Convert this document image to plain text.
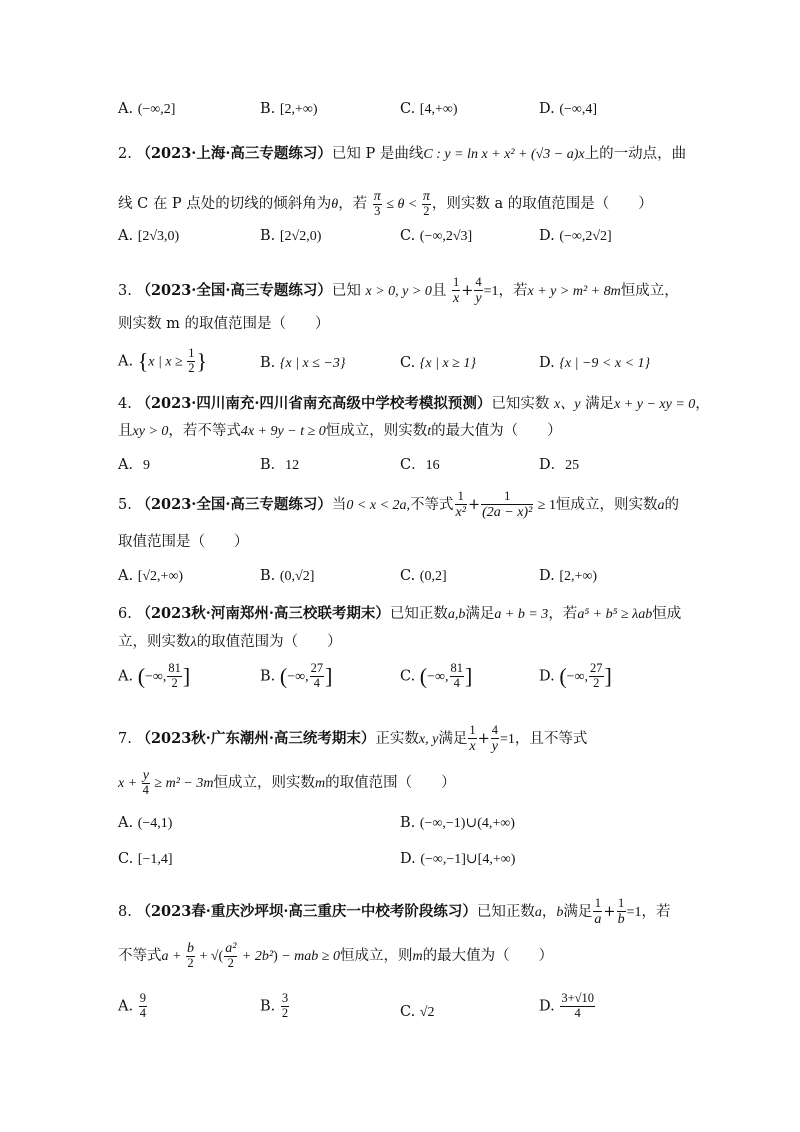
A. (−∞,2]	B. [2,+∞)	C. [4,+∞)	D. (−∞,4]
2. （2023·上海·高三专题练习）已知 P 是曲线C : y = ln x + x² + (√3 − a)x上的一动点，曲
线 C 在 P 点处的切线的倾斜角为θ，若 $\frac{\pi}{3} \le \theta < \frac{\pi}{2}$ ，则实数 a 的取值范围是（　　）
A. [2√3,0)	B. [2√2,0)	C. (−∞,2√3]	D. (−∞,2√2]
3. （2023·全国·高三专题练习）已知 x > 0, y > 0且 $\frac{1}{x} + \frac{4}{y} =1$，若x + y > m² + 8m恒成立，
则实数 m 的取值范围是（　　）
A. {x | $x \ge \frac{1}{2}$ }	B. {x | x ≤ −3}	C. {x | x ≥ 1}	D. {x | −9 < x < 1}
4. （2023·四川南充·四川省南充高级中学校考模拟预测）已知实数 x、y 满足x + y − xy = 0，
且xy > 0，若不等式4x + 9y − t ≥ 0恒成立，则实数t的最大值为（　　）
A．9	B．12	C．16	D．25
5. （2023·全国·高三专题练习）当0 < x < 2a,不等式 $\frac{1}{\text{x²}} + \frac{1}{\text{(2a − x)²}} \ge 1$恒成立，则实数a的
取值范围是（　　）
A. [√2,+∞)	B. (0,√2]	C. (0,2]	D. [2,+∞)
6. （2023秋·河南郑州·高三校联考期末）已知正数a,b满足a + b = 3，若a⁵ + b⁵ ≥ λab恒成
立，则实数λ的取值范围为（　　）
A. (−∞, $\frac{81}{2}$ ]	B. (−∞, $\frac{27}{4}$ ]	C. (−∞, $\frac{81}{4}$ ]	D. (−∞, $\frac{27}{2}$ ]
7. （2023秋·广东潮州·高三统考期末）正实数x, y满足 $\frac{1}{x} + \frac{4}{y} =1$，且不等式
$x + \frac{y}{4} \ge m^2 - 3m$恒成立，则实数m的取值范围（　　）
A. (−4,1)	B. (−∞,−1)∪(4,+∞)
C. [−1,4]	D. (−∞,−1]∪[4,+∞)
8. （2023春·重庆沙坪坝·高三重庆一中校考阶段练习）已知正数a，b满足 $\frac{1}{a} + \frac{1}{b} =1$，若
不等式$a + \frac{b}{2}$ + √( $\frac{\text{a²}}{2} + 2b^2$) − mab ≥ 0恒成立，则m的最大值为（　　）
A. $\frac{9}{4}$	B. $\frac{3}{2}$	C. √2	D. $\frac{3+√10}{4}$
